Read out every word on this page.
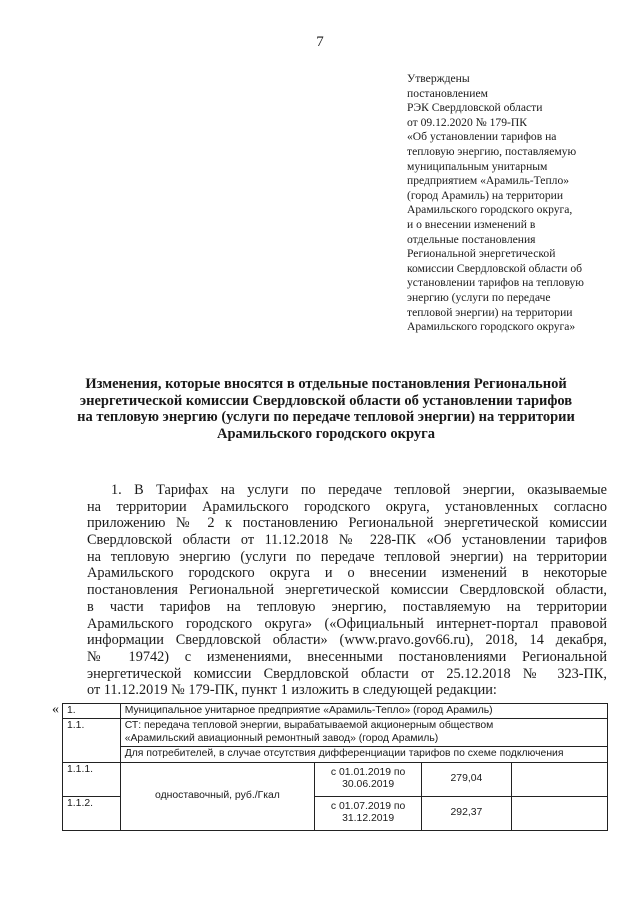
7
Утверждены
постановлением
РЭК Свердловской области
от 09.12.2020 № 179-ПК
«Об установлении тарифов на
тепловую энергию, поставляемую
муниципальным унитарным
предприятием «Арамиль-Тепло»
(город Арамиль) на территории
Арамильского городского округа,
и о внесении изменений в
отдельные постановления
Региональной энергетической
комиссии Свердловской области об
установлении тарифов на тепловую
энергию (услуги по передаче
тепловой энергии) на территории
Арамильского городского округа»
Изменения, которые вносятся в отдельные постановления Региональной
энергетической комиссии Свердловской области об установлении тарифов
на тепловую энергию (услуги по передаче тепловой энергии) на территории
Арамильского городского округа
1. В Тарифах на услуги по передаче тепловой энергии, оказываемые
на территории Арамильского городского округа, установленных согласно
приложению № 2 к постановлению Региональной энергетической комиссии
Свердловской области от 11.12.2018 № 228-ПК «Об установлении тарифов
на тепловую энергию (услуги по передаче тепловой энергии) на территории
Арамильского городского округа и о внесении изменений в некоторые
постановления Региональной энергетической комиссии Свердловской области,
в части тарифов на тепловую энергию, поставляемую на территории
Арамильского городского округа» («Официальный интернет-портал правовой
информации Свердловской области» (www.pravo.gov66.ru), 2018, 14 декабря,
№ 19742) с изменениями, внесенными постановлениями Региональной
энергетической комиссии Свердловской области от 25.12.2018 № 323-ПК,
от 11.12.2019 № 179-ПК, пункт 1 изложить в следующей редакции:
« 1.	Муниципальное унитарное предприятие «Арамиль-Тепло» (город Арамиль)			
1.1.	СТ: передача тепловой энергии, вырабатываемой акционерным обществом
«Арамильский авиационный ремонтный завод» (город Арамиль)			

	Для потребителей, в случае отсутствия дифференциации тарифов по схеме подключения			
1.1.1.	одноставочный, руб./Гкал	с 01.01.2019 по 30.06.2019	279,04	
1.1.2.		с 01.07.2019 по 31.12.2019	292,37	
